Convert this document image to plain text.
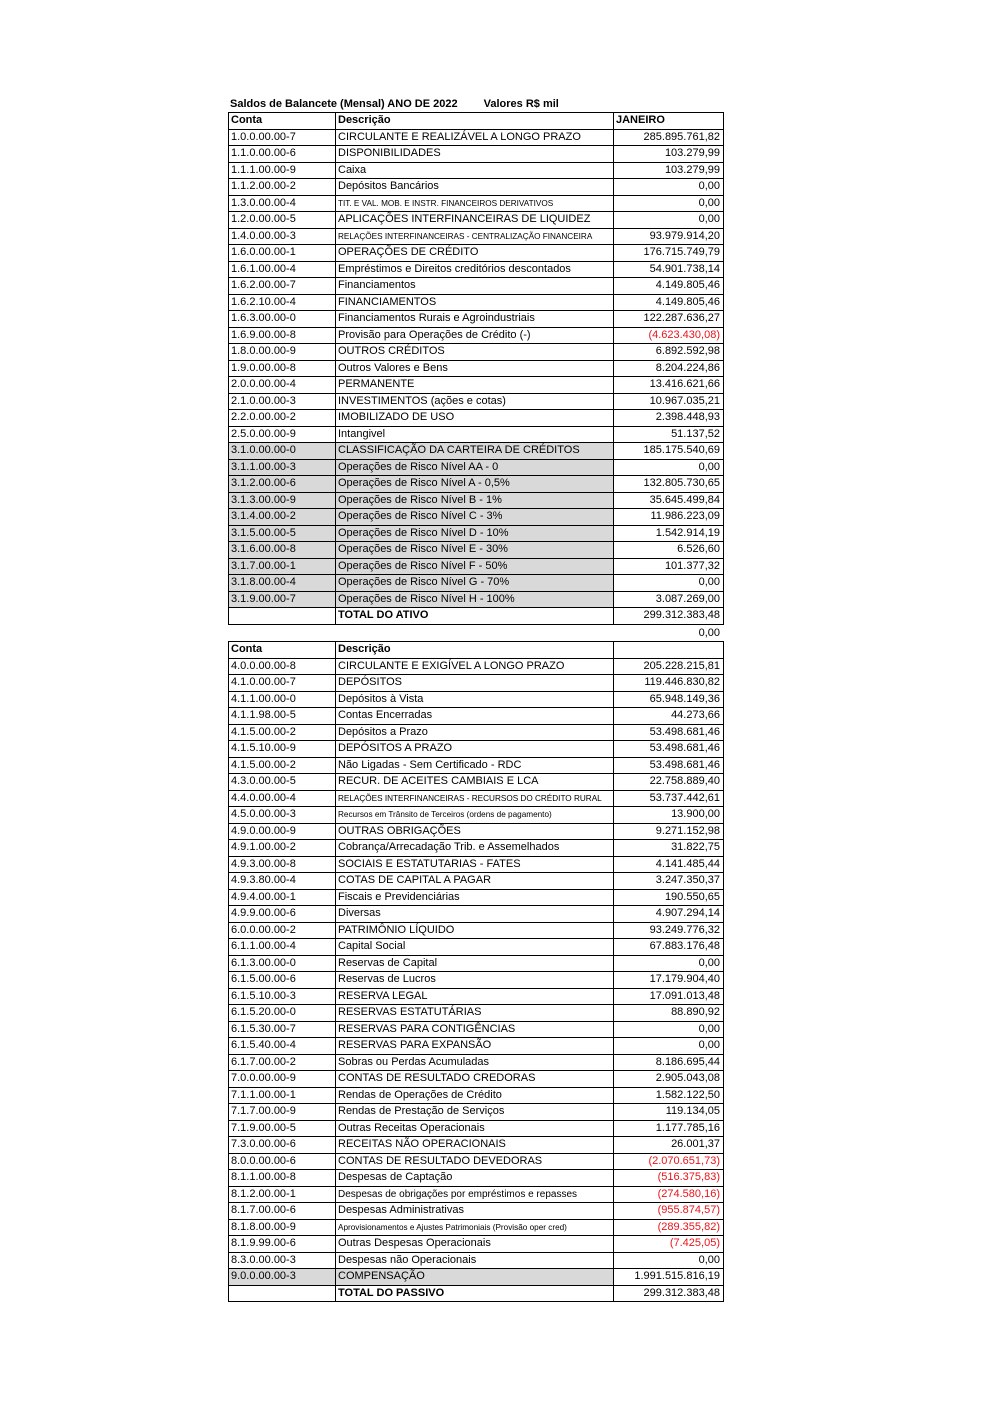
Saldos de Balancete (Mensal) ANO DE 2022 Valores R$ mil
Conta	Descrição	JANEIRO
1.0.0.00.00-7	CIRCULANTE E REALIZÁVEL A LONGO PRAZO	285.895.761,82
1.1.0.00.00-6	DISPONIBILIDADES	103.279,99
1.1.1.00.00-9	Caixa	103.279,99
1.1.2.00.00-2	Depósitos Bancários	0,00
1.3.0.00.00-4	TIT. E VAL. MOB. E INSTR. FINANCEIROS DERIVATIVOS	0,00
1.2.0.00.00-5	APLICAÇÕES INTERFINANCEIRAS DE LIQUIDEZ	0,00
1.4.0.00.00-3	RELAÇÕES INTERFINANCEIRAS - CENTRALIZAÇÃO FINANCEIRA	93.979.914,20
1.6.0.00.00-1	OPERAÇÕES DE CRÉDITO	176.715.749,79
1.6.1.00.00-4	Empréstimos e Direitos creditórios descontados	54.901.738,14
1.6.2.00.00-7	Financiamentos	4.149.805,46
1.6.2.10.00-4	FINANCIAMENTOS	4.149.805,46
1.6.3.00.00-0	Financiamentos Rurais e Agroindustriais	122.287.636,27
1.6.9.00.00-8	Provisão para Operações de Crédito (-)	(4.623.430,08)
1.8.0.00.00-9	OUTROS CRÉDITOS	6.892.592,98
1.9.0.00.00-8	Outros Valores e Bens	8.204.224,86
2.0.0.00.00-4	PERMANENTE	13.416.621,66
2.1.0.00.00-3	INVESTIMENTOS (ações e cotas)	10.967.035,21
2.2.0.00.00-2	IMOBILIZADO DE USO	2.398.448,93
2.5.0.00.00-9	Intangivel	51.137,52
3.1.0.00.00-0	CLASSIFICAÇÃO DA CARTEIRA DE CRÉDITOS	185.175.540,69
3.1.1.00.00-3	Operações de Risco Nível AA - 0	0,00
3.1.2.00.00-6	Operações de Risco Nível A - 0,5%	132.805.730,65
3.1.3.00.00-9	Operações de Risco Nível B - 1%	35.645.499,84
3.1.4.00.00-2	Operações de Risco Nível C - 3%	11.986.223,09
3.1.5.00.00-5	Operações de Risco Nível D - 10%	1.542.914,19
3.1.6.00.00-8	Operações de Risco Nível E - 30%	6.526,60
3.1.7.00.00-1	Operações de Risco Nível F - 50%	101.377,32
3.1.8.00.00-4	Operações de Risco Nível G - 70%	0,00
3.1.9.00.00-7	Operações de Risco Nível H - 100%	3.087.269,00
	TOTAL DO ATIVO	299.312.383,48
0,00
Conta	Descrição	
4.0.0.00.00-8	CIRCULANTE E EXIGÍVEL A LONGO PRAZO	205.228.215,81
4.1.0.00.00-7	DEPÓSITOS	119.446.830,82
4.1.1.00.00-0	Depósitos à Vista	65.948.149,36
4.1.1.98.00-5	Contas Encerradas	44.273,66
4.1.5.00.00-2	Depósitos a Prazo	53.498.681,46
4.1.5.10.00-9	DEPÓSITOS A PRAZO	53.498.681,46
4.1.5.00.00-2	Não Ligadas - Sem Certificado - RDC	53.498.681,46
4.3.0.00.00-5	RECUR. DE ACEITES CAMBIAIS E LCA	22.758.889,40
4.4.0.00.00-4	RELAÇÕES INTERFINANCEIRAS - RECURSOS DO CRÉDITO RURAL	53.737.442,61
4.5.0.00.00-3	Recursos em Trânsito de Terceiros (ordens de pagamento)	13.900,00
4.9.0.00.00-9	OUTRAS OBRIGAÇÕES	9.271.152,98
4.9.1.00.00-2	Cobrança/Arrecadação Trib. e Assemelhados	31.822,75
4.9.3.00.00-8	SOCIAIS E ESTATUTARIAS - FATES	4.141.485,44
4.9.3.80.00-4	COTAS DE CAPITAL A PAGAR	3.247.350,37
4.9.4.00.00-1	Fiscais e Previdenciárias	190.550,65
4.9.9.00.00-6	Diversas	4.907.294,14
6.0.0.00.00-2	PATRIMÔNIO LÍQUIDO	93.249.776,32
6.1.1.00.00-4	Capital Social	67.883.176,48
6.1.3.00.00-0	Reservas de Capital	0,00
6.1.5.00.00-6	Reservas de Lucros	17.179.904,40
6.1.5.10.00-3	RESERVA LEGAL	17.091.013,48
6.1.5.20.00-0	RESERVAS ESTATUTÁRIAS	88.890,92
6.1.5.30.00-7	RESERVAS PARA CONTIGÊNCIAS	0,00
6.1.5.40.00-4	RESERVAS PARA EXPANSÃO	0,00
6.1.7.00.00-2	Sobras ou Perdas Acumuladas	8.186.695,44
7.0.0.00.00-9	CONTAS DE RESULTADO CREDORAS	2.905.043,08
7.1.1.00.00-1	Rendas de Operações de Crédito	1.582.122,50
7.1.7.00.00-9	Rendas de Prestação de Serviços	119.134,05
7.1.9.00.00-5	Outras Receitas Operacionais	1.177.785,16
7.3.0.00.00-6	RECEITAS NÃO OPERACIONAIS	26.001,37
8.0.0.00.00-6	CONTAS DE RESULTADO DEVEDORAS	(2.070.651,73)
8.1.1.00.00-8	Despesas de Captação	(516.375,83)
8.1.2.00.00-1	Despesas de obrigações por empréstimos e repasses	(274.580,16)
8.1.7.00.00-6	Despesas Administrativas	(955.874,57)
8.1.8.00.00-9	Aprovisionamentos e Ajustes Patrimoniais (Provisão oper cred)	(289.355,82)
8.1.9.99.00-6	Outras Despesas Operacionais	(7.425,05)
8.3.0.00.00-3	Despesas não Operacionais	0,00
9.0.0.00.00-3	COMPENSAÇÃO	1.991.515.816,19
	TOTAL DO PASSIVO	299.312.383,48
